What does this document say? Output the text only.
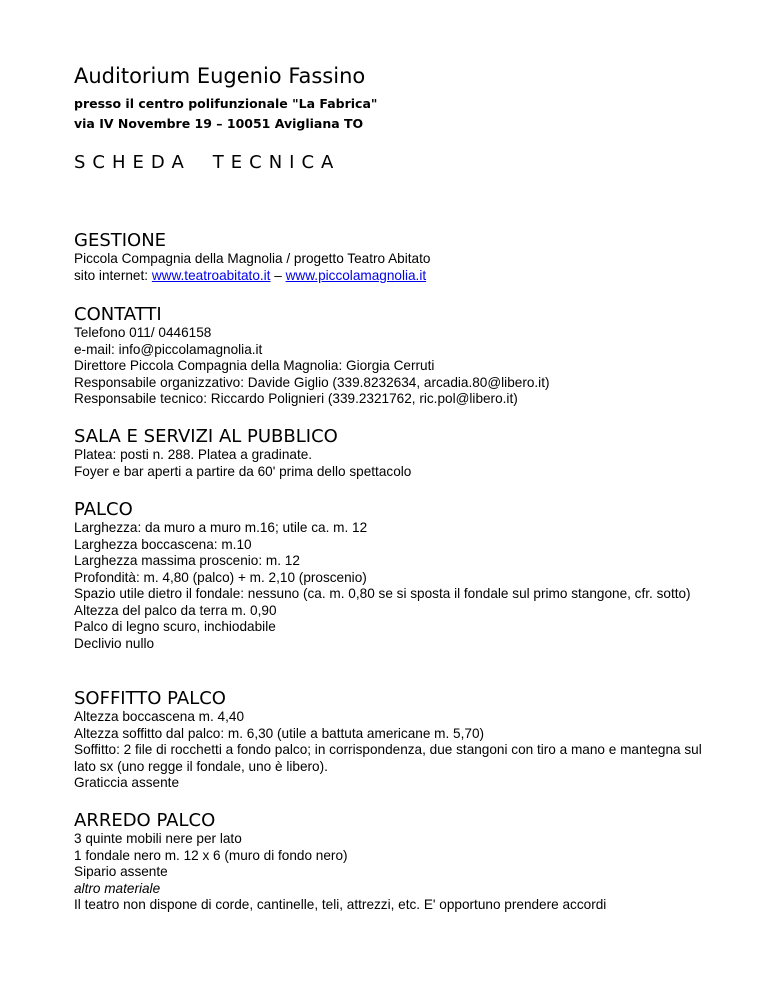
Auditorium Eugenio Fassino
presso il centro polifunzionale "La Fabrica"
via IV Novembre 19 – 10051 Avigliana TO
SCHEDA TECNICA
GESTIONE
Piccola Compagnia della Magnolia / progetto Teatro Abitato
sito internet: www.teatroabitato.it – www.piccolamagnolia.it
CONTATTI
Telefono 011/ 0446158
e-mail: info@piccolamagnolia.it
Direttore Piccola Compagnia della Magnolia: Giorgia Cerruti
Responsabile organizzativo: Davide Giglio (339.8232634, arcadia.80@libero.it)
Responsabile tecnico: Riccardo Polignieri (339.2321762, ric.pol@libero.it)
SALA E SERVIZI AL PUBBLICO
Platea: posti n. 288. Platea a gradinate.
Foyer e bar aperti a partire da 60' prima dello spettacolo
PALCO
Larghezza: da muro a muro m.16; utile ca. m. 12
Larghezza boccascena: m.10
Larghezza massima proscenio: m. 12
Profondità: m. 4,80 (palco) + m. 2,10 (proscenio)
Spazio utile dietro il fondale: nessuno (ca. m. 0,80 se si sposta il fondale sul primo stangone, cfr. sotto)
Altezza del palco da terra m. 0,90
Palco di legno scuro, inchiodabile
Declivio nullo
SOFFITTO PALCO
Altezza boccascena m. 4,40
Altezza soffitto dal palco: m. 6,30 (utile a battuta americane m. 5,70)
Soffitto: 2 file di rocchetti a fondo palco; in corrispondenza, due stangoni con tiro a mano e mantegna sul lato sx (uno regge il fondale, uno è libero).
Graticcia assente
ARREDO PALCO
3 quinte mobili nere per lato
1 fondale nero m. 12 x 6 (muro di fondo nero)
Sipario assente
altro materiale
Il teatro non dispone di corde, cantinelle, teli, attrezzi, etc. E' opportuno prendere accordi
